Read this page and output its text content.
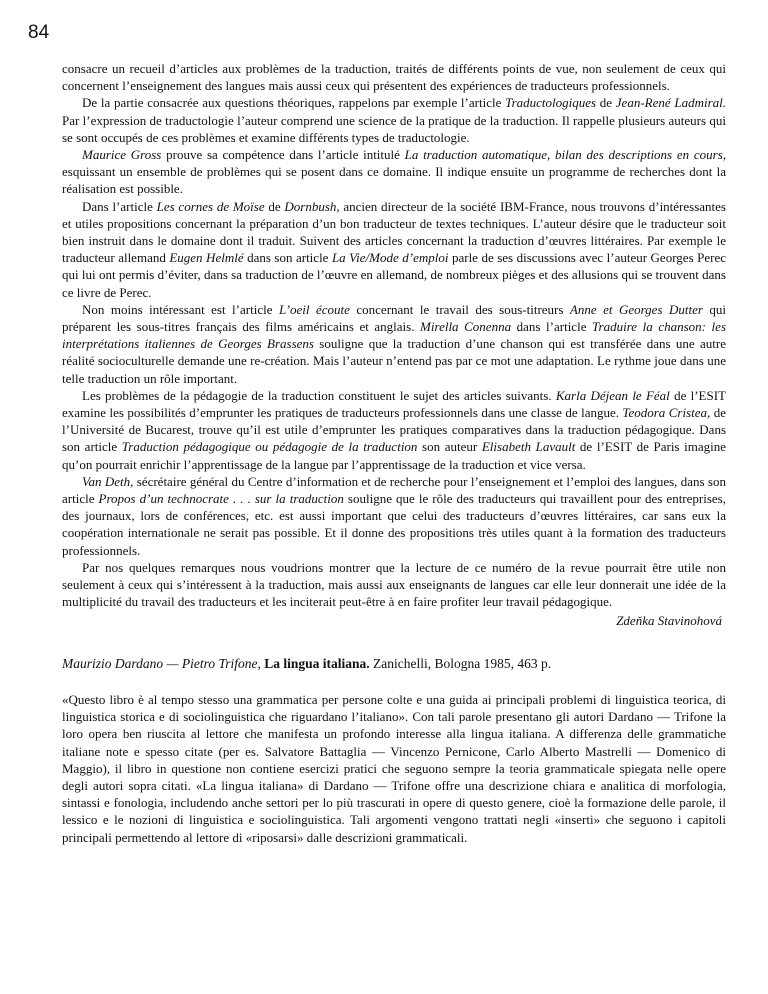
84

consacre un recueil d’articles aux problèmes de la traduction, traités de différents points de vue, non seulement de ceux qui concernent l’enseignement des langues mais aussi ceux qui présentent des expériences de traducteurs professionnels.

De la partie consacrée aux questions théoriques, rappelons par exemple l’article Traductologiques de Jean-René Ladmiral. Par l’expression de traductologie l’auteur comprend une science de la pratique de la traduction. Il rappelle plusieurs auteurs qui se sont occupés de ces problèmes et examine différents types de traductologie.

Maurice Gross prouve sa compétence dans l’article intitulé La traduction automatique, bilan des descriptions en cours, esquissant un ensemble de problèmes qui se posent dans ce domaine. Il indique ensuite un programme de recherches dont la réalisation est possible.

Dans l’article Les cornes de Moïse de Dornbush, ancien directeur de la société IBM-France, nous trouvons d’intéressantes et utiles propositions concernant la préparation d’un bon traducteur de textes techniques. L’auteur désire que le traducteur soit bien instruit dans le domaine dont il traduit. Suivent des articles concernant la traduction d’œuvres littéraires. Par exemple le traducteur allemand Eugen Helmlé dans son article La Vie/Mode d’emploi parle de ses discussions avec l’auteur Georges Perec qui lui ont permis d’éviter, dans sa traduction de l’œuvre en allemand, de nombreux pièges et des allusions qui se trouvent dans ce livre de Perec.

Non moins intéressant est l’article L’oeil écoute concernant le travail des sous-titreurs Anne et Georges Dutter qui préparent les sous-titres français des films américains et anglais. Mirella Conenna dans l’article Traduire la chanson: les interprétations italiennes de Georges Brassens souligne que la traduction d’une chanson qui est transférée dans une autre réalité socioculturelle demande une re-création. Mais l’auteur n’entend pas par ce mot une adaptation. Le rythme joue dans une telle traduction un rôle important.

Les problèmes de la pédagogie de la traduction constituent le sujet des articles suivants. Karla Déjean le Féal de l’ESIT examine les possibilités d’emprunter les pratiques de traducteurs professionnels dans une classe de langue. Teodora Cristea, de l’Université de Bucarest, trouve qu’il est utile d’emprunter les pratiques comparatives dans la traduction pédagogique. Dans son article Traduction pédagogique ou pédagogie de la traduction son auteur Elisabeth Lavault de l’ESIT de Paris imagine qu’on pourrait enrichir l’apprentissage de la langue par l’apprentissage de la traduction et vice versa.

Van Deth, sécrétaire général du Centre d’information et de recherche pour l’enseignement et l’emploi des langues, dans son article Propos d’un technocrate . . . sur la traduction souligne que le rôle des traducteurs qui travaillent pour des entreprises, des journaux, lors de conférences, etc. est aussi important que celui des traducteurs d’œuvres littéraires, car sans eux la coopération internationale ne serait pas possible. Et il donne des propositions très utiles quant à la formation des traducteurs professionnels.

Par nos quelques remarques nous voudrions montrer que la lecture de ce numéro de la revue pourrait être utile non seulement à ceux qui s’intéressent à la traduction, mais aussi aux enseignants de langues car elle leur donnerait une idée de la multiplicité du travail des traducteurs et les inciterait peut-être à en faire profiter leur travail pédagogique.

Zdeňka Stavinohová
Maurizio Dardano — Pietro Trifone, La lingua italiana. Zanichelli, Bologna 1985, 463 p.

«Questo libro è al tempo stesso una grammatica per persone colte e una guida ai principali problemi di linguistica teorica, di linguistica storica e di sociolinguistica che riguardano l’italiano». Con tali parole presentano gli autori Dardano — Trifone la loro opera ben riuscita al lettore che manifesta un profondo interesse alla lingua italiana. A differenza delle grammatiche italiane note e spesso citate (per es. Salvatore Battaglia — Vincenzo Pernicone, Carlo Alberto Mastrelli — Domenico di Maggio), il libro in questione non contiene esercizi pratici che seguono sempre la teoria grammaticale spiegata nelle opere degli autori sopra citati. «La lingua italiana» di Dardano — Trifone offre una descrizione chiara e analitica di morfologia, sintassi e fonologia, includendo anche settori per lo più trascurati in opere di questo genere, cioè la formazione delle parole, il lessico e le nozioni di linguistica e sociolinguistica. Tali argomenti vengono trattati negli «inserti» che seguono i capitoli principali permettendo al lettore di «riposarsi» dalle descrizioni grammaticali.
